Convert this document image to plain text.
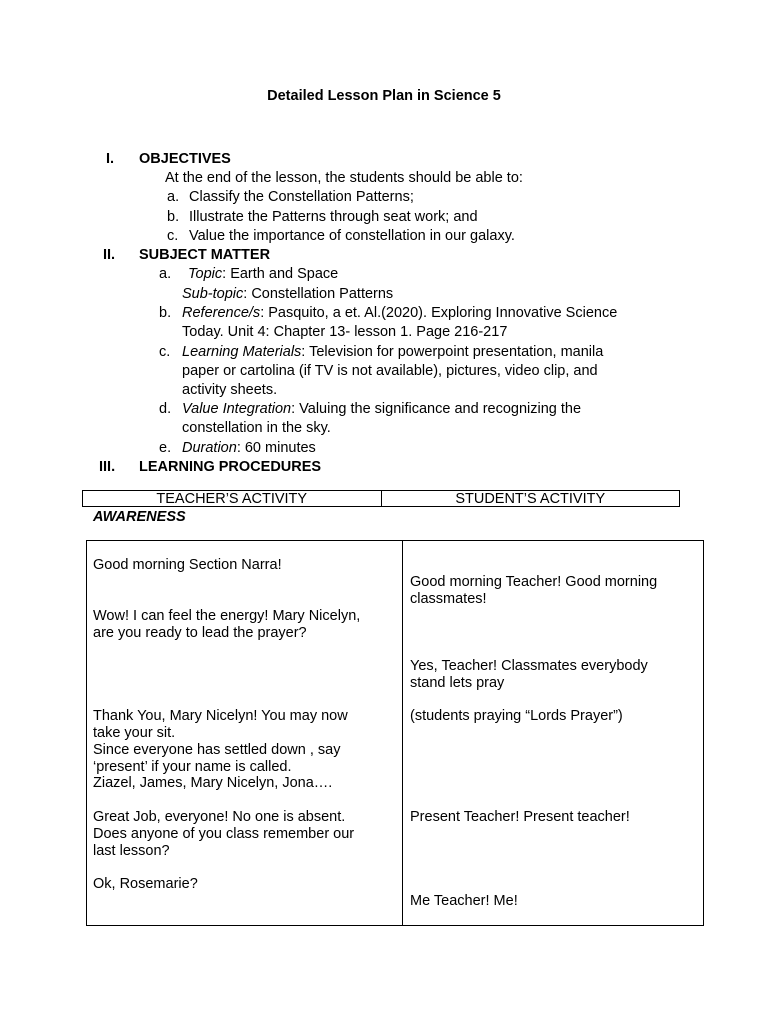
Detailed Lesson Plan in Science 5
I. OBJECTIVES
At the end of the lesson, the students should be able to:
a. Classify the Constellation Patterns;
b. Illustrate the Patterns through seat work; and
c. Value the importance of constellation in our galaxy.
II. SUBJECT MATTER
a. Topic: Earth and Space
Sub-topic: Constellation Patterns
b. Reference/s: Pasquito, a et. Al.(2020). Exploring Innovative Science
Today. Unit 4: Chapter 13- lesson 1. Page 216-217
c. Learning Materials: Television for powerpoint presentation, manila
paper or cartolina (if TV is not available), pictures, video clip, and
activity sheets.
d. Value Integration: Valuing the significance and recognizing the
constellation in the sky.
e. Duration: 60 minutes
III. LEARNING PROCEDURES
TEACHER’S ACTIVITY	STUDENT’S ACTIVITY
AWARENESS
Good morning Section Narra!
Wow! I can feel the energy! Mary Nicelyn,
are you ready to lead the prayer?
Thank You, Mary Nicelyn! You may now
take your sit.
Since everyone has settled down , say
‘present’ if your name is called.
Ziazel, James, Mary Nicelyn, Jona….
Great Job, everyone! No one is absent.
Does anyone of you class remember our
last lesson?
Ok, Rosemarie?
Good morning Teacher! Good morning
classmates!
Yes, Teacher! Classmates everybody
stand lets pray
(students praying “Lords Prayer”)
Present Teacher! Present teacher!
Me Teacher! Me!
